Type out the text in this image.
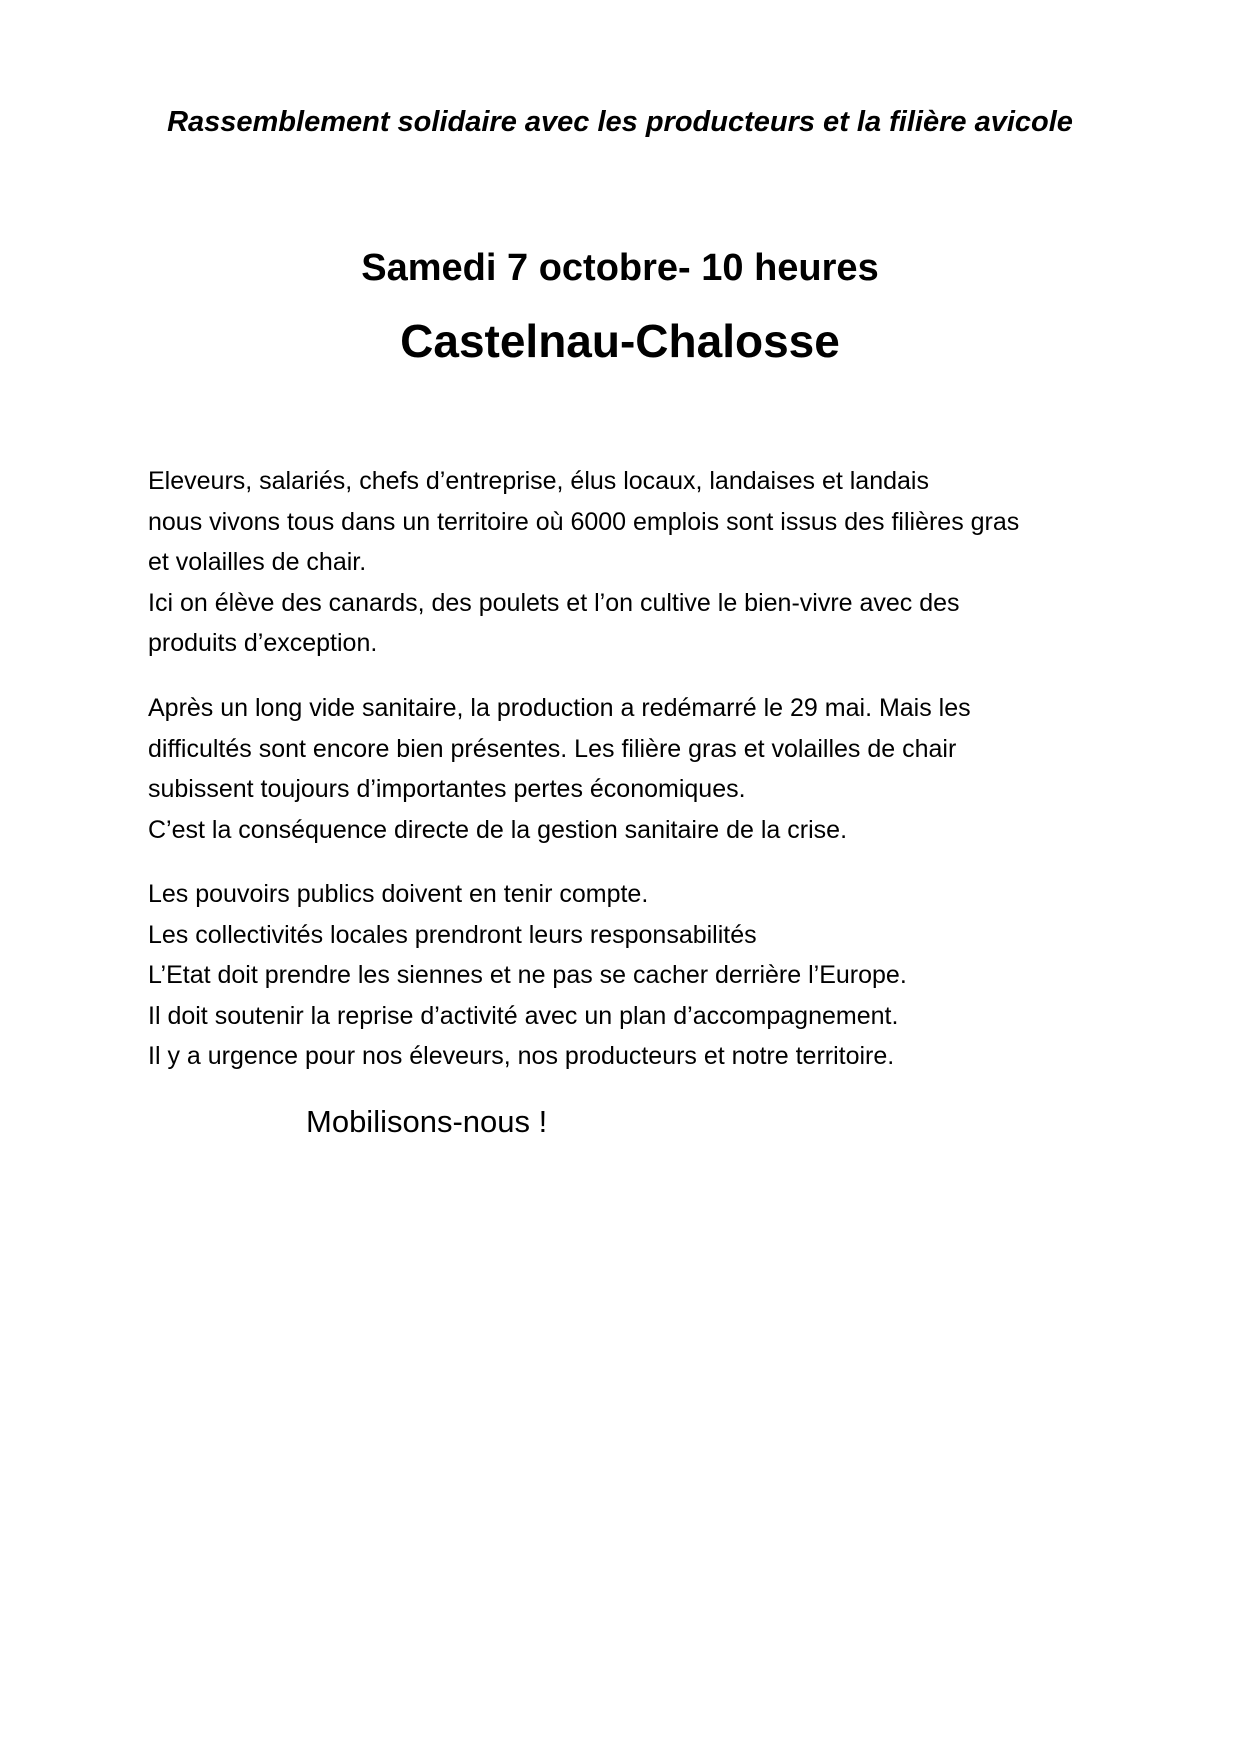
Rassemblement solidaire avec les producteurs et la filière avicole
Samedi 7 octobre- 10 heures
Castelnau-Chalosse
Eleveurs, salariés, chefs d’entreprise, élus locaux, landaises et landais
nous vivons tous dans un territoire où 6000 emplois sont issus des filières gras
et volailles de chair.
Ici on élève des canards, des poulets et l’on cultive le bien-vivre avec des
produits d’exception.
Après un long vide sanitaire, la production a redémarré le 29 mai. Mais les
difficultés sont encore bien présentes. Les filière gras et volailles de chair
subissent toujours d’importantes pertes économiques.
C’est la conséquence directe de la gestion sanitaire de la crise.
Les pouvoirs publics doivent en tenir compte.
Les collectivités locales prendront leurs responsabilités
L’Etat doit prendre les siennes et ne pas se cacher derrière l’Europe.
Il doit soutenir la reprise d’activité avec un plan d’accompagnement.
Il y a urgence pour nos éleveurs, nos producteurs et notre territoire.
Mobilisons-nous !
